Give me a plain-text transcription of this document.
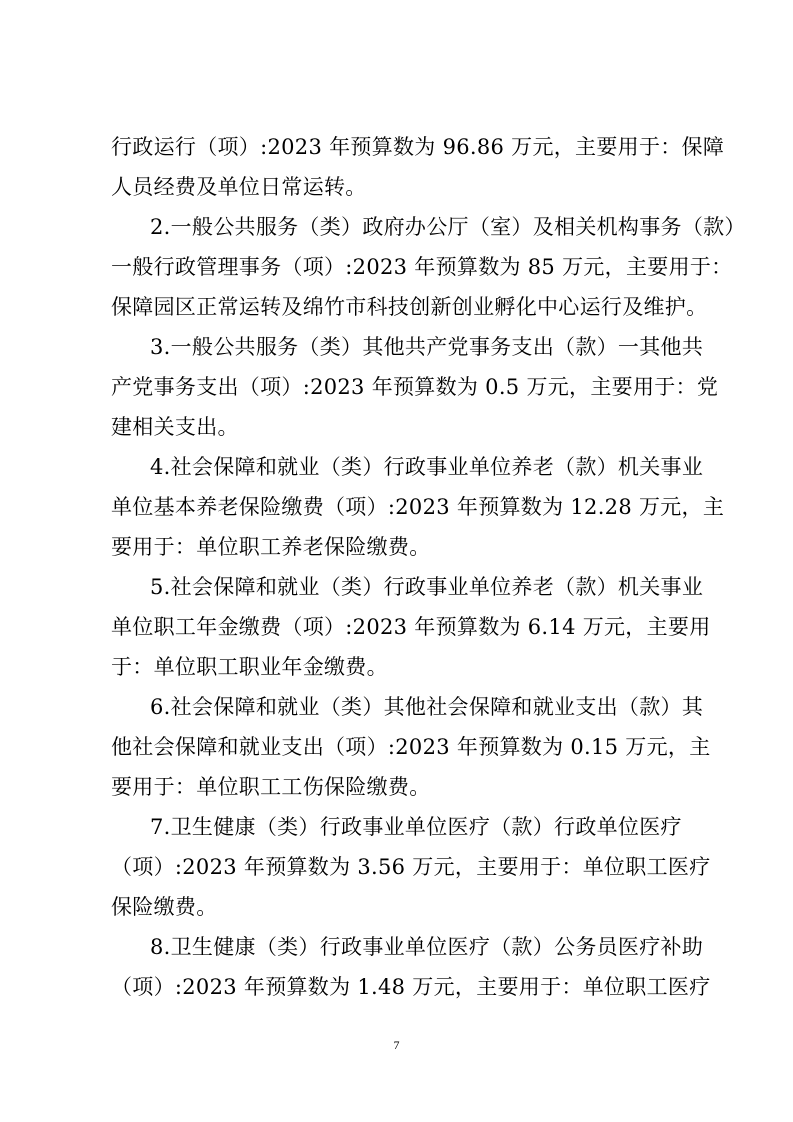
行政运行（项）:2023 年预算数为 96.86 万元，主要用于：保障
人员经费及单位日常运转。
2.一般公共服务（类）政府办公厅（室）及相关机构事务（款）
一般行政管理事务（项）:2023 年预算数为 85 万元，主要用于：
保障园区正常运转及绵竹市科技创新创业孵化中心运行及维护。
3.一般公共服务（类）其他共产党事务支出（款）一其他共
产党事务支出（项）:2023 年预算数为 0.5 万元，主要用于：党
建相关支出。
4.社会保障和就业（类）行政事业单位养老（款）机关事业
单位基本养老保险缴费（项）:2023 年预算数为 12.28 万元，主
要用于：单位职工养老保险缴费。
5.社会保障和就业（类）行政事业单位养老（款）机关事业
单位职工年金缴费（项）:2023 年预算数为 6.14 万元，主要用
于：单位职工职业年金缴费。
6.社会保障和就业（类）其他社会保障和就业支出（款）其
他社会保障和就业支出（项）:2023 年预算数为 0.15 万元，主
要用于：单位职工工伤保险缴费。
7.卫生健康（类）行政事业单位医疗（款）行政单位医疗
（项）:2023 年预算数为 3.56 万元，主要用于：单位职工医疗
保险缴费。
8.卫生健康（类）行政事业单位医疗（款）公务员医疗补助
（项）:2023 年预算数为 1.48 万元，主要用于：单位职工医疗
7
